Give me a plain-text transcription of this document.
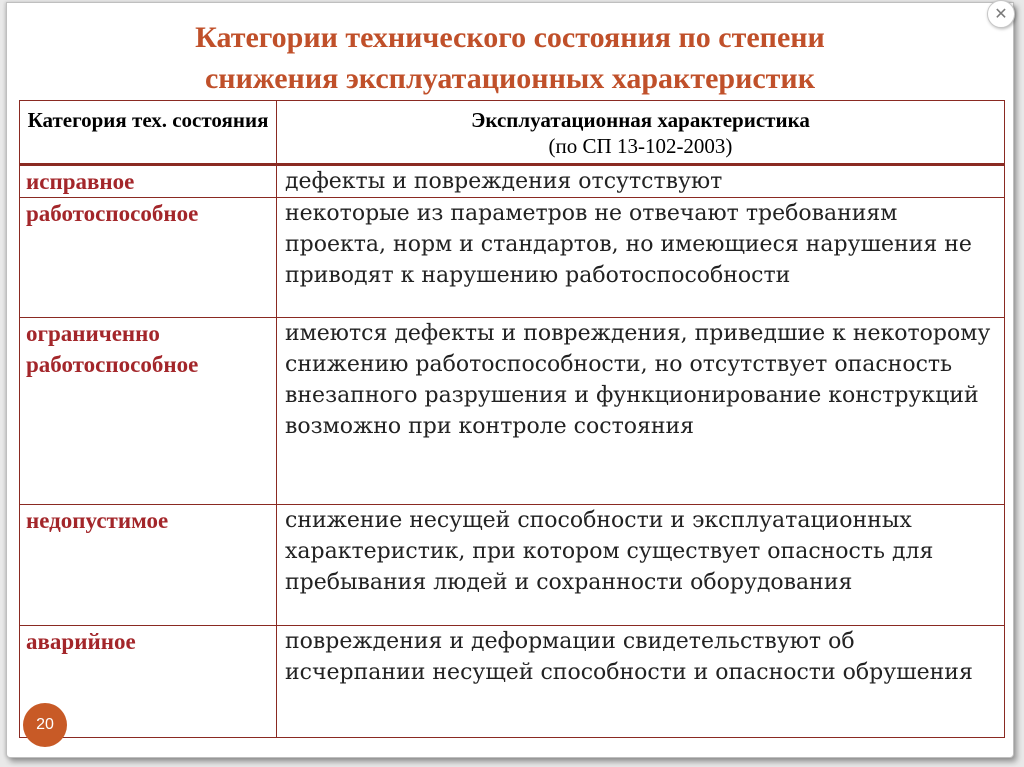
✕
Категории технического состояния по степени
снижения эксплуатационных характеристик
Категория тех. состояния	Эксплуатационная характеристика
(по СП 13-102-2003)

исправное	дефекты и повреждения отсутствуют
работоспособное	некоторые из параметров не отвечают требованиям проекта, норм и стандартов, но имеющиеся нарушения не приводят к нарушению работоспособности
ограниченно работоспособное	имеются дефекты и повреждения, приведшие к некоторому снижению работоспособности, но отсутствует опасность внезапного разрушения и функционирование конструкций возможно при контроле состояния
недопустимое	снижение несущей способности и эксплуатационных характеристик, при котором существует опасность для пребывания людей и сохранности оборудования
аварийное	повреждения и деформации свидетельствуют об исчерпании несущей способности и опасности обрушения
20
